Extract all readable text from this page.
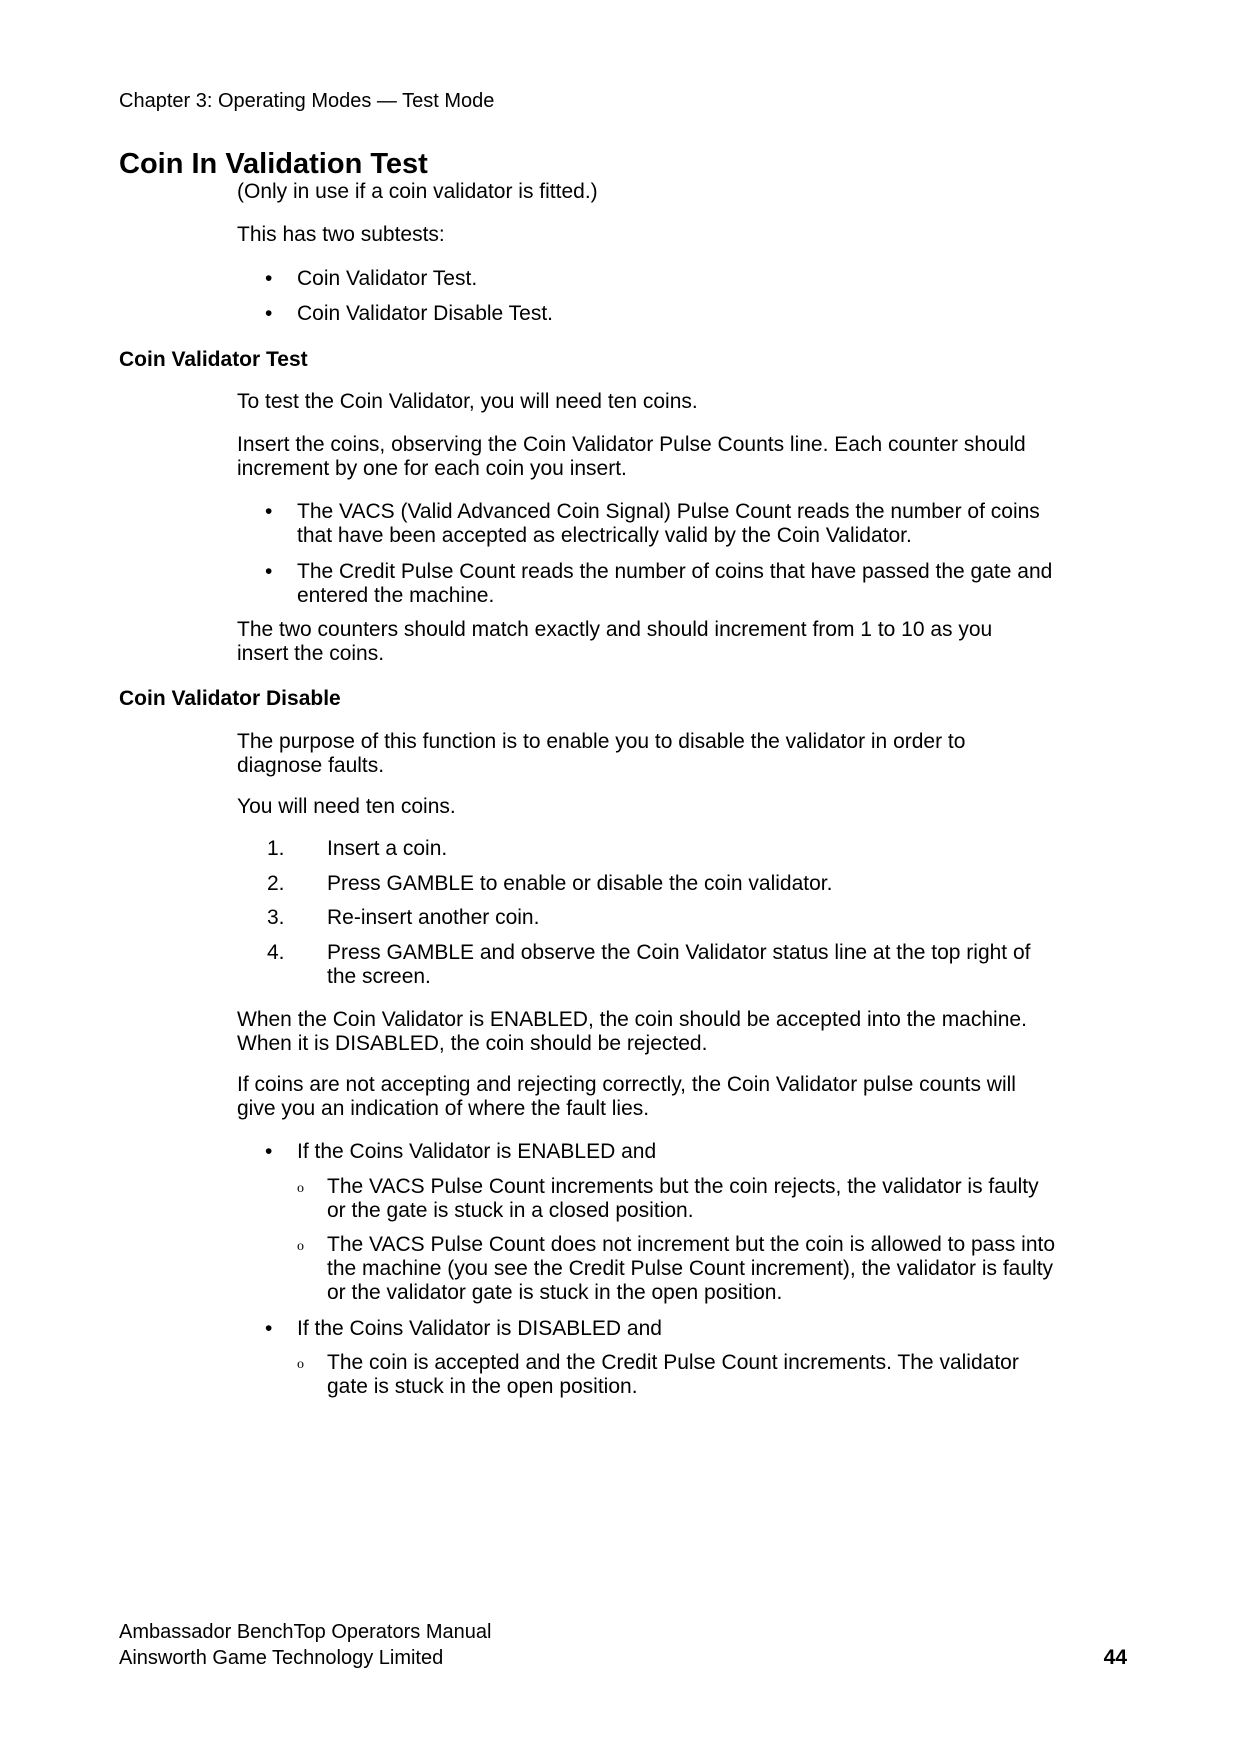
Chapter 3: Operating Modes — Test Mode
Coin In Validation Test

(Only in use if a coin validator is fitted.)

This has two subtests:

•	Coin Validator Test.
•	Coin Validator Disable Test.
Coin Validator Test

To test the Coin Validator, you will need ten coins.

Insert the coins, observing the Coin Validator Pulse Counts line. Each counter should

increment by one for each coin you insert.

•	The VACS (Valid Advanced Coin Signal) Pulse Count reads the number of coins
that have been accepted as electrically valid by the Coin Validator.
•	The Credit Pulse Count reads the number of coins that have passed the gate and
entered the machine.

The two counters should match exactly and should increment from 1 to 10 as you

insert the coins.

Coin Validator Disable

The purpose of this function is to enable you to disable the validator in order to

diagnose faults.

You will need ten coins.

1. Insert a coin.
2. Press GAMBLE to enable or disable the coin validator.
3. Re-insert another coin.
4. Press GAMBLE and observe the Coin Validator status line at the top right of
the screen.

When the Coin Validator is ENABLED, the coin should be accepted into the machine.

When it is DISABLED, the coin should be rejected.

If coins are not accepting and rejecting correctly, the Coin Validator pulse counts will

give you an indication of where the fault lies.

•	If the Coins Validator is ENABLED and
o The VACS Pulse Count increments but the coin rejects, the validator is faulty
or the gate is stuck in a closed position.
o The VACS Pulse Count does not increment but the coin is allowed to pass into
the machine (you see the Credit Pulse Count increment), the validator is faulty
or the validator gate is stuck in the open position.
•	If the Coins Validator is DISABLED and
o The coin is accepted and the Credit Pulse Count increments. The validator
gate is stuck in the open position.
Ambassador BenchTop Operators Manual
Ainsworth Game Technology Limited	44
